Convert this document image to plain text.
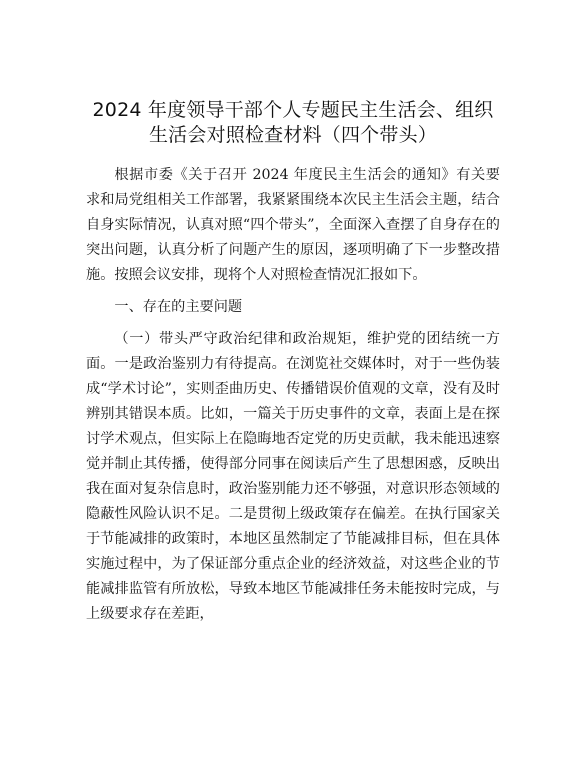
2024 年度领导干部个人专题民主生活会、组织
生活会对照检查材料（四个带头）

根据市委《关于召开 2024 年度民主生活会的通知》有关要求和局党组相关工作部署，我紧紧围绕本次民主生活会主题，结合自身实际情况，认真对照“四个带头”，全面深入查摆了自身存在的突出问题，认真分析了问题产生的原因，逐项明确了下一步整改措施。按照会议安排，现将个人对照检查情况汇报如下。

一、存在的主要问题

（一）带头严守政治纪律和政治规矩，维护党的团结统一方面。一是政治鉴别力有待提高。在浏览社交媒体时，对于一些伪装成“学术讨论”，实则歪曲历史、传播错误价值观的文章，没有及时辨别其错误本质。比如，一篇关于历史事件的文章，表面上是在探讨学术观点，但实际上在隐晦地否定党的历史贡献，我未能迅速察觉并制止其传播，使得部分同事在阅读后产生了思想困惑，反映出我在面对复杂信息时，政治鉴别能力还不够强，对意识形态领域的隐蔽性风险认识不足。二是贯彻上级政策存在偏差。在执行国家关于节能减排的政策时，本地区虽然制定了节能减排目标，但在具体实施过程中，为了保证部分重点企业的经济效益，对这些企业的节能减排监管有所放松，导致本地区节能减排任务未能按时完成，与上级要求存在差距，
